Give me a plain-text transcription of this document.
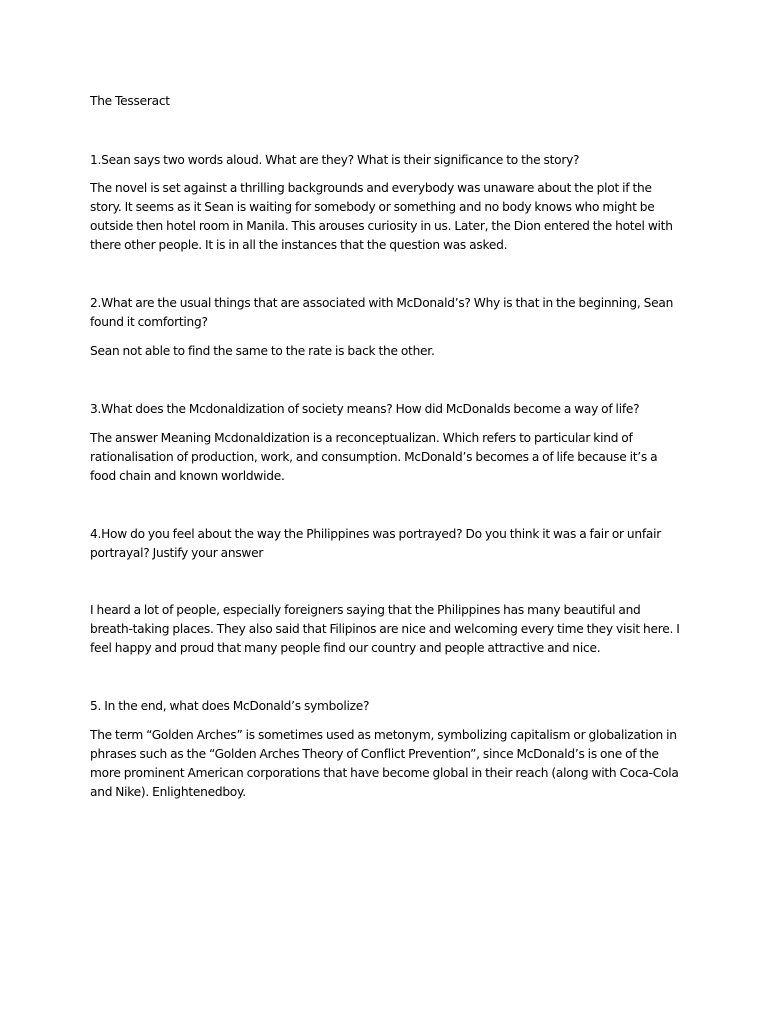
The Tesseract

1.Sean says two words aloud. What are they? What is their significance to the story?

The novel is set against a thrilling backgrounds and everybody was unaware about the plot if the story. It seems as it Sean is waiting for somebody or something and no body knows who might be outside then hotel room in Manila. This arouses curiosity in us. Later, the Dion entered the hotel with there other people. It is in all the instances that the question was asked.

2.What are the usual things that are associated with McDonald’s? Why is that in the beginning, Sean found it comforting?

Sean not able to find the same to the rate is back the other.

3.What does the Mcdonaldization of society means? How did McDonalds become a way of life?

The answer Meaning Mcdonaldization is a reconceptualizan. Which refers to particular kind of rationalisation of production, work, and consumption. McDonald’s becomes a of life because it’s a food chain and known worldwide.

4.How do you feel about the way the Philippines was portrayed? Do you think it was a fair or unfair portrayal? Justify your answer

I heard a lot of people, especially foreigners saying that the Philippines has many beautiful and breath-taking places. They also said that Filipinos are nice and welcoming every time they visit here. I feel happy and proud that many people find our country and people attractive and nice.

5. In the end, what does McDonald’s symbolize?

The term “Golden Arches” is sometimes used as metonym, symbolizing capitalism or globalization in phrases such as the “Golden Arches Theory of Conflict Prevention”, since McDonald’s is one of the more prominent American corporations that have become global in their reach (along with Coca-Cola and Nike). Enlightenedboy.
